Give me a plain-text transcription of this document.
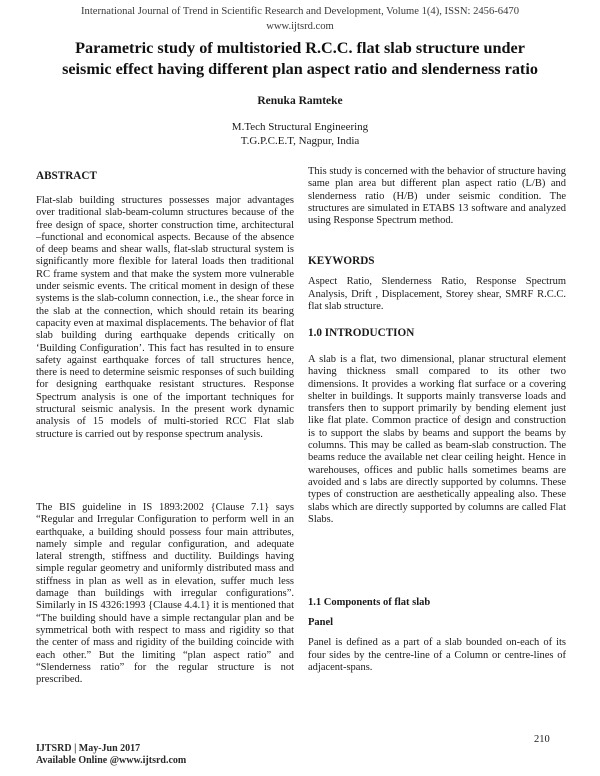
International Journal of Trend in Scientific Research and Development, Volume 1(4), ISSN: 2456-6470
www.ijtsrd.com
Parametric study of multistoried R.C.C. flat slab structure under
seismic effect having different plan aspect ratio and slenderness ratio
Renuka Ramteke
M.Tech Structural Engineering
T.G.P.C.E.T, Nagpur, India
ABSTRACT

Flat-slab building structures possesses major advantages over traditional slab-beam-column structures because of the free design of space, shorter construction time, architectural –functional and economical aspects. Because of the absence of deep beams and shear walls, flat-slab structural system is significantly more flexible for lateral loads then traditional RC frame system and that make the system more vulnerable under seismic events. The critical moment in design of these systems is the slab-column connection, i.e., the shear force in the slab at the connection, which should retain its bearing capacity even at maximal displacements. The behavior of flat slab building during earthquake depends critically on ‘Building Configuration’. This fact has resulted in to ensure safety against earthquake forces of tall structures hence, there is need to determine seismic responses of such building for designing earthquake resistant structures. Response Spectrum analysis is one of the important techniques for structural seismic analysis. In the present work dynamic analysis of 15 models of multi-storied RCC Flat slab structure is carried out by response spectrum analysis.

The BIS guideline in IS 1893:2002 {Clause 7.1} says “Regular and Irregular Configuration to perform well in an earthquake, a building should possess four main attributes, namely simple and regular configuration, and adequate lateral strength, stiffness and ductility. Buildings having simple regular geometry and uniformly distributed mass and stiffness in plan as well as in elevation, suffer much less damage than buildings with irregular configurations”. Similarly in IS 4326:1993 {Clause 4.4.1} it is mentioned that “The building should have a simple rectangular plan and be symmetrical both with respect to mass and rigidity so that the center of mass and rigidity of the building coincide with each other.” But the limiting “plan aspect ratio” and “Slenderness ratio” for the regular structure is not prescribed.

This study is concerned with the behavior of structure having same plan area but different plan aspect ratio (L/B) and slenderness ratio (H/B) under seismic condition. The structures are simulated in ETABS 13 software and analyzed using Response Spectrum method.

KEYWORDS

Aspect Ratio, Slenderness Ratio, Response Spectrum Analysis, Drift , Displacement, Storey shear, SMRF R.C.C. flat slab structure.

1.0 INTRODUCTION

A slab is a flat, two dimensional, planar structural element having thickness small compared to its other two dimensions. It provides a working flat surface or a covering shelter in buildings. It supports mainly transverse loads and transfers then to support primarily by bending element just like flat plate. Common practice of design and construction is to support the slabs by beams and support the beams by columns. This may be called as beam-slab construction. The beams reduce the available net clear ceiling height. Hence in warehouses, offices and public halls sometimes beams are avoided and s labs are directly supported by columns. These types of construction are aesthetically appealing also. These slabs which are directly supported by columns are called Flat Slabs.

1.1 Components of flat slab
Panel

Panel is defined as a part of a slab bounded on-each of its four sides by the centre-line of a Column or centre-lines of adjacent-spans.

210
IJTSRD | May-Jun 2017
Available Online @www.ijtsrd.com
